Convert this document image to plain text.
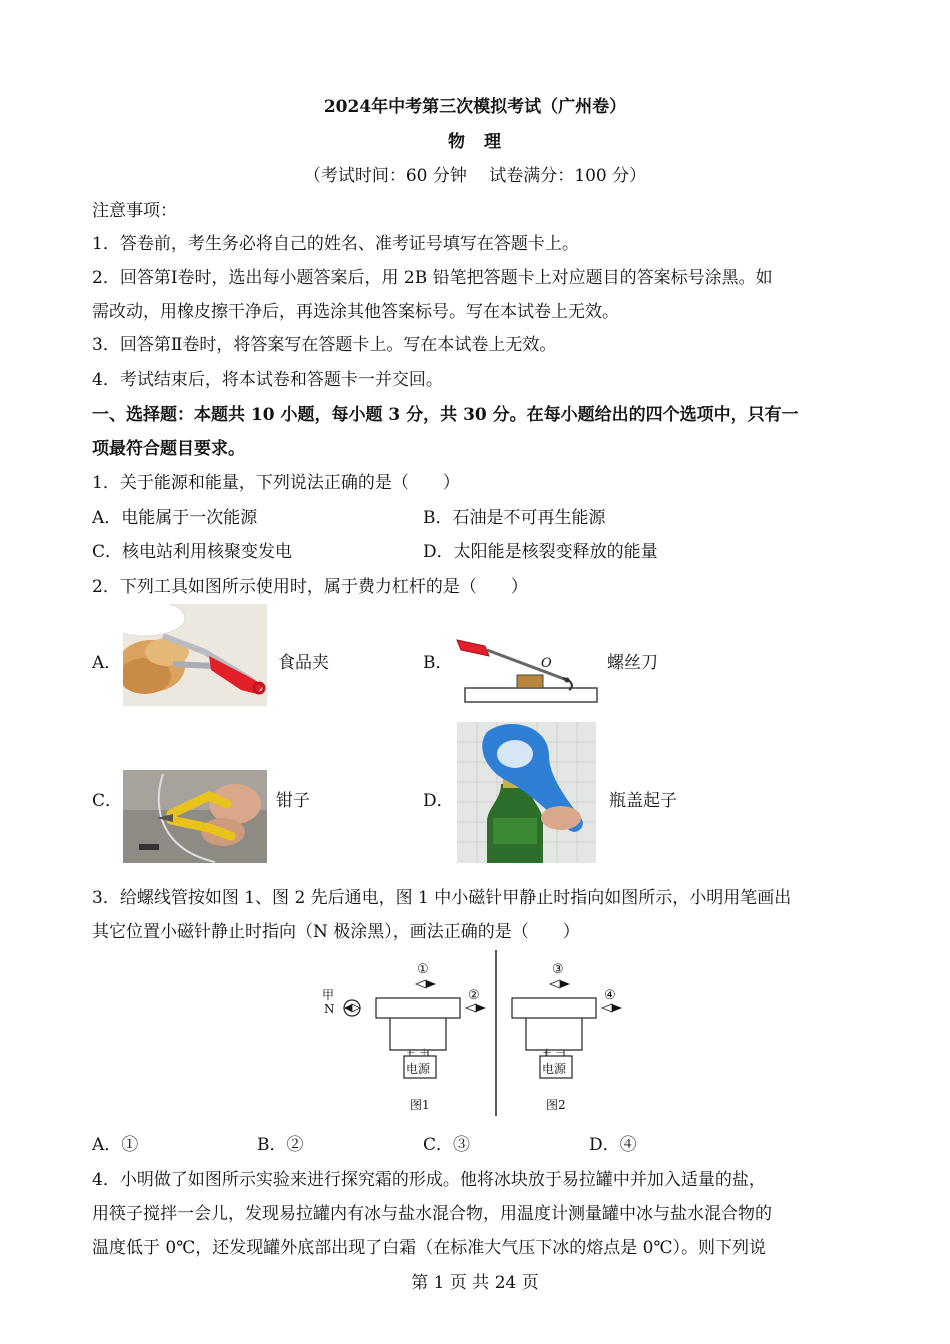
2024年中考第三次模拟考试（广州卷）
物　理
（考试时间：60 分钟　 试卷满分：100 分）
注意事项：
1．答卷前，考生务必将自己的姓名、准考证号填写在答题卡上。
2．回答第Ⅰ卷时，选出每小题答案后，用 2B 铅笔把答题卡上对应题目的答案标号涂黑。如
需改动，用橡皮擦干净后，再选涂其他答案标号。写在本试卷上无效。
3．回答第Ⅱ卷时，将答案写在答题卡上。写在本试卷上无效。
4．考试结束后，将本试卷和答题卡一并交回。
一、选择题：本题共 10 小题，每小题 3 分，共 30 分。在每小题给出的四个选项中，只有一
项最符合题目要求。
1．关于能源和能量，下列说法正确的是（　　）
A．电能属于一次能源	B．石油是不可再生能源
C．核电站利用核聚变发电	D．太阳能是核裂变释放的能量
2．下列工具如图所示使用时，属于费力杠杆的是（　　）
A．	食品夹	B．	O	螺丝刀
C．	钳子	D．	瓶盖起子
3．给螺线管按如图 1、图 2 先后通电，图 1 中小磁针甲静止时指向如图所示，小明用笔画出
其它位置小磁针静止时指向（N 极涂黑），画法正确的是（　　）
甲
N
①
②
③
④
－ ＋	＋ －
电源	电源
图1	图2
A．①	B．②	C．③	D．④
4．小明做了如图所示实验来进行探究霜的形成。他将冰块放于易拉罐中并加入适量的盐，
用筷子搅拌一会儿，发现易拉罐内有冰与盐水混合物，用温度计测量罐中冰与盐水混合物的
温度低于 0℃，还发现罐外底部出现了白霜（在标准大气压下冰的熔点是 0℃）。则下列说
第 1 页 共 24 页
